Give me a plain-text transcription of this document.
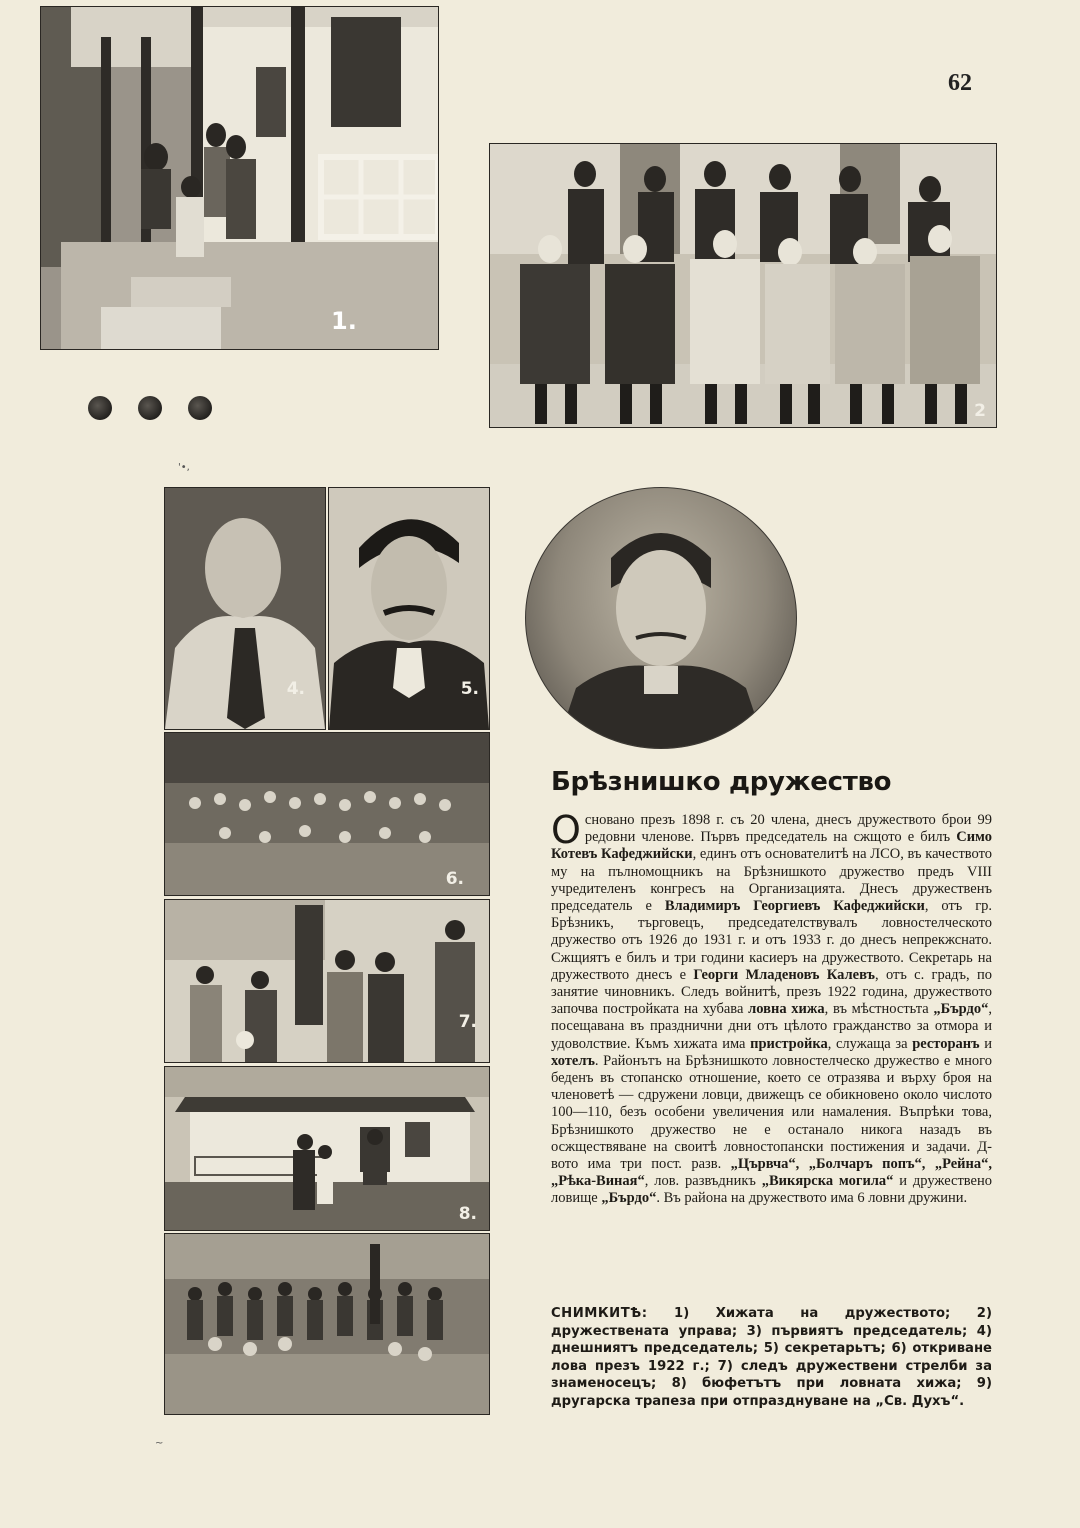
62
1.
2
4.	5.
3.
6.
7.
8.
'•,
~
Брѣзнишко дружество
Основано презъ 1898 г. съ 20 члена, днесъ дружеството брои 99 редовни членове. Първъ председатель на сжщото е билъ Симо Котевъ Кафеджийски, единъ отъ основателитѣ на ЛСО, въ качеството му на пълномощникъ на Брѣзнишкото дружество предъ VIII учредителенъ конгресъ на Организацията. Днесъ дружественъ председатель е Владимиръ Георгиевъ Кафеджийски, отъ гр. Брѣзникъ, търговецъ, председателствувалъ ловностелческото дружество отъ 1926 до 1931 г. и отъ 1933 г. до днесъ непрекжснато. Сжщиятъ е билъ и три години касиеръ на дружеството. Секретарь на дружеството днесъ е Георги Младеновъ Калевъ, отъ с. градъ, по занятие чиновникъ. Следъ войнитѣ, презъ 1922 година, дружеството започва постройката на хубава ловна хижа, въ мѣстностьта „Бърдо“, посещавана въ празднични дни отъ цѣлото гражданство за отмора и удоволствие. Къмъ хижата има пристройка, служаща за ресторанъ и хотелъ. Районътъ на Брѣзнишкото ловностелческо дружество е много беденъ въ стопанско отношение, което се отразява и върху броя на членоветѣ — сдружени ловци, движещъ се обикновено около числото 100—110, безъ особени увеличения или намаления. Въпрѣки това, Брѣзнишкото дружество не е останало никога назадъ въ осжществяване на своитѣ ловностопански постижения и задачи. Д-вото има три пост. разв. „Цървча“, „Болчаръ попъ“, „Рейна“, „Рѣка-Виная“, лов. развъдникъ „Викярска могила“ и дружествено ловище „Бърдо“. Въ района на дружеството има 6 ловни дружини.
СНИМКИТѢ: 1) Хижата на дружеството; 2) дружествената управа; 3) първиятъ председатель; 4) днешниятъ председатель; 5) секретарьтъ; 6) откриване лова презъ 1922 г.; 7) следъ дружествени стрелби за знаменосецъ; 8) бюфетътъ при ловната хижа; 9) другарска трапеза при отпразднуване на „Св. Духъ“.
